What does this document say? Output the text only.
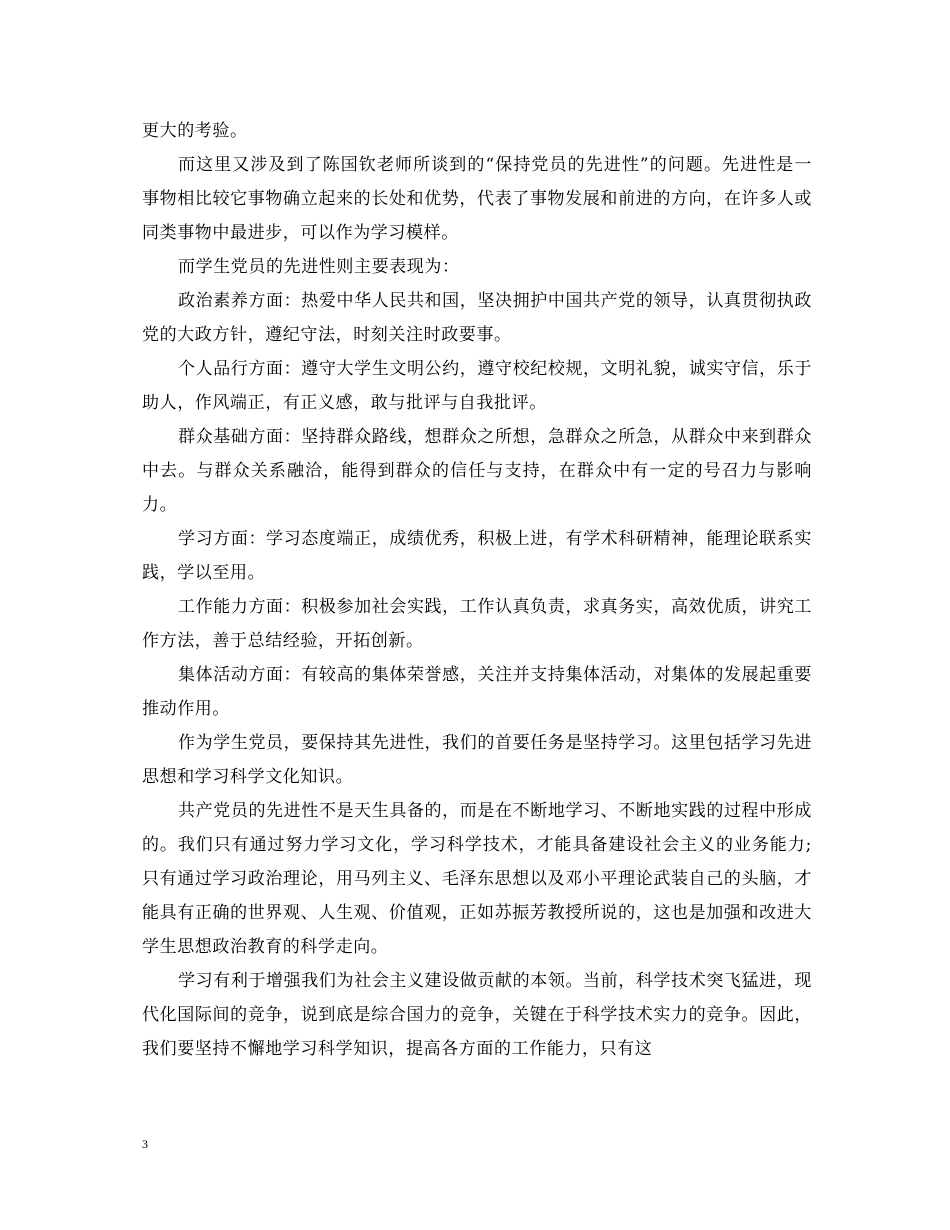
更大的考验。

而这里又涉及到了陈国钦老师所谈到的“保持党员的先进性”的问题。先进性是一事物相比较它事物确立起来的长处和优势，代表了事物发展和前进的方向，在许多人或同类事物中最进步，可以作为学习模样。

而学生党员的先进性则主要表现为：

政治素养方面：热爱中华人民共和国，坚决拥护中国共产党的领导，认真贯彻执政党的大政方针，遵纪守法，时刻关注时政要事。

个人品行方面：遵守大学生文明公约，遵守校纪校规，文明礼貌，诚实守信，乐于助人，作风端正，有正义感，敢与批评与自我批评。

群众基础方面：坚持群众路线，想群众之所想，急群众之所急，从群众中来到群众中去。与群众关系融洽，能得到群众的信任与支持，在群众中有一定的号召力与影响力。

学习方面：学习态度端正，成绩优秀，积极上进，有学术科研精神，能理论联系实践，学以至用。

工作能力方面：积极参加社会实践，工作认真负责，求真务实，高效优质，讲究工作方法，善于总结经验，开拓创新。

集体活动方面：有较高的集体荣誉感，关注并支持集体活动，对集体的发展起重要推动作用。

作为学生党员，要保持其先进性，我们的首要任务是坚持学习。这里包括学习先进思想和学习科学文化知识。

共产党员的先进性不是天生具备的，而是在不断地学习、不断地实践的过程中形成的。我们只有通过努力学习文化，学习科学技术，才能具备建设社会主义的业务能力;只有通过学习政治理论，用马列主义、毛泽东思想以及邓小平理论武装自己的头脑，才能具有正确的世界观、人生观、价值观，正如苏振芳教授所说的，这也是加强和改进大学生思想政治教育的科学走向。

学习有利于增强我们为社会主义建设做贡献的本领。当前，科学技术突飞猛进，现代化国际间的竞争，说到底是综合国力的竞争，关键在于科学技术实力的竞争。因此，我们要坚持不懈地学习科学知识，提高各方面的工作能力，只有这

3
